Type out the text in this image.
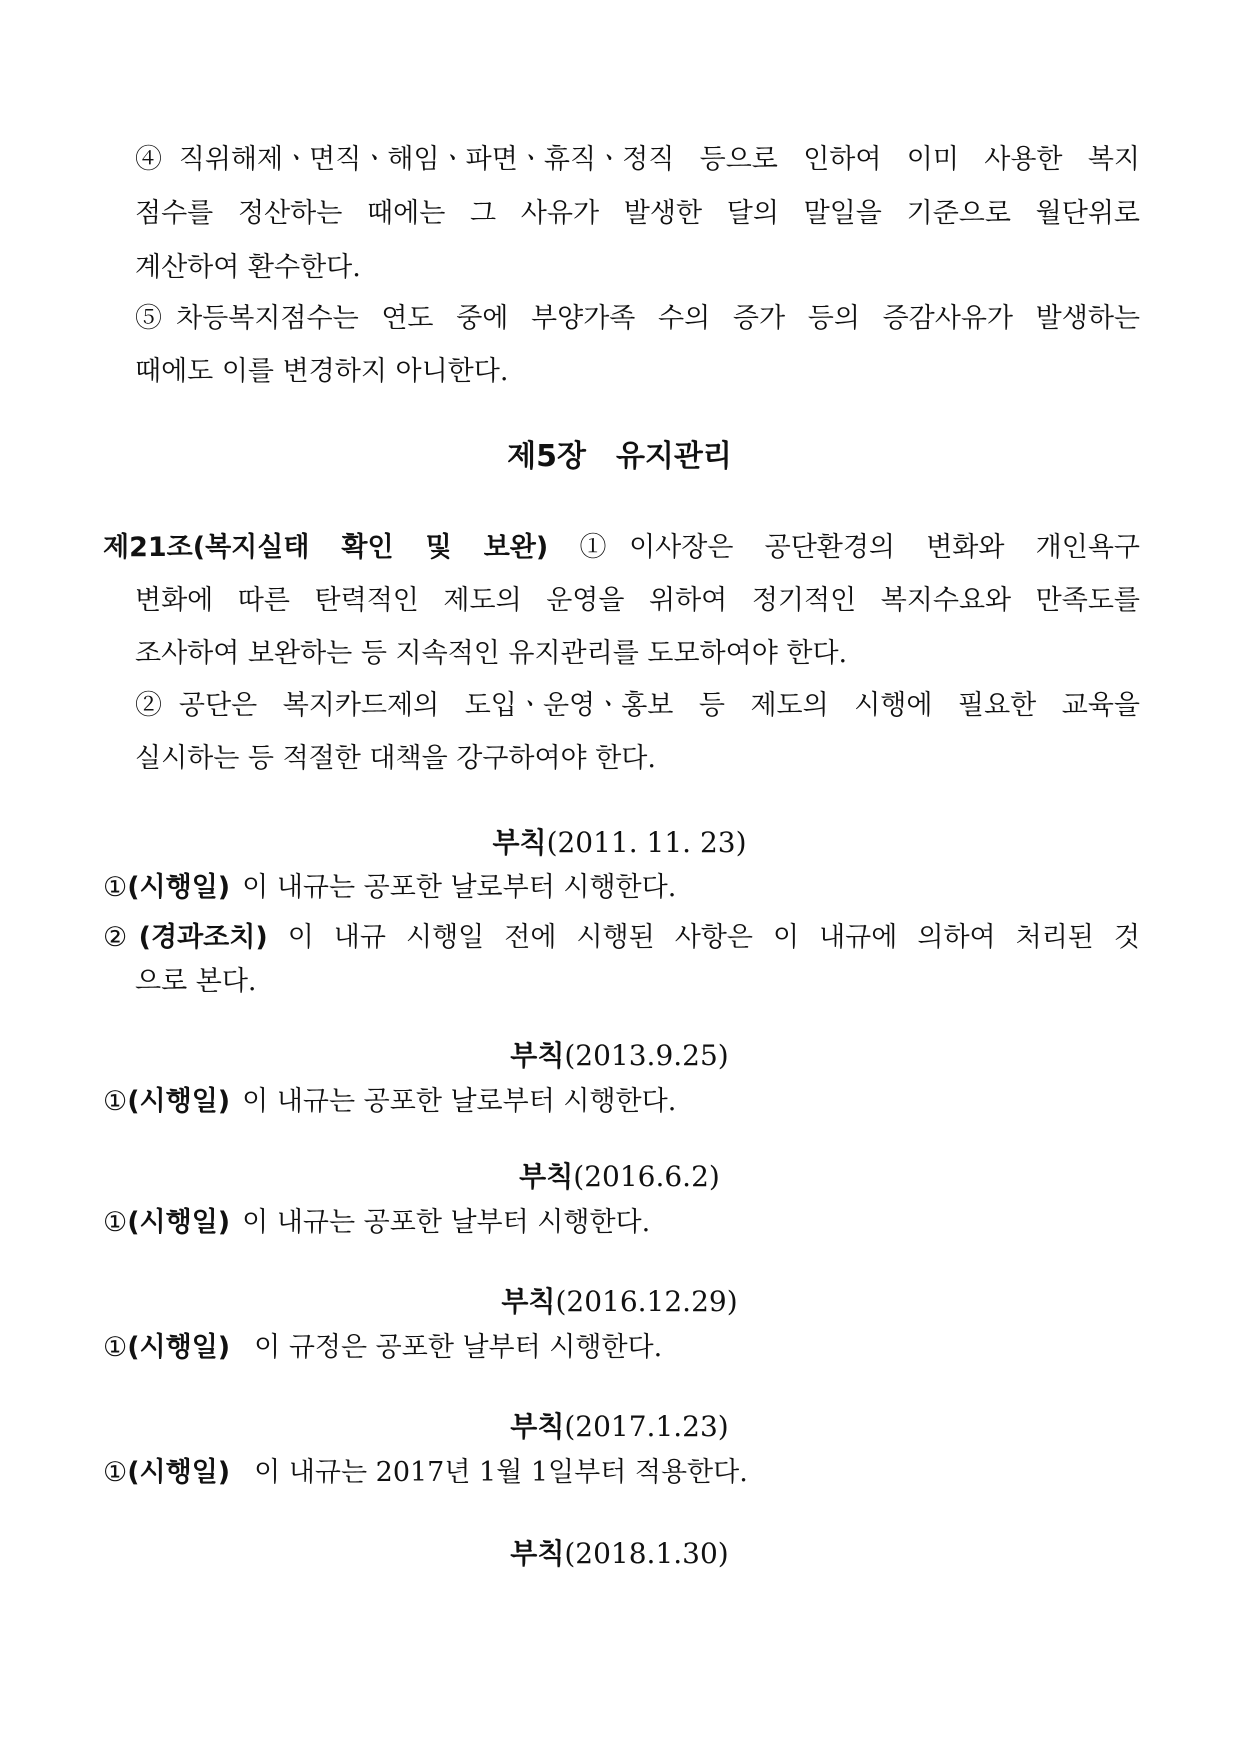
④직위해제ㆍ면직ㆍ해임ㆍ파면ㆍ휴직ㆍ정직 등으로 인하여 이미 사용한 복지
점수를 정산하는 때에는 그 사유가 발생한 달의 말일을 기준으로 월단위로
계산하여 환수한다.
⑤차등복지점수는 연도 중에 부양가족 수의 증가 등의 증감사유가 발생하는
때에도 이를 변경하지 아니한다.
제5장 유지관리
제21조(복지실태 확인 및 보완) ①이사장은 공단환경의 변화와 개인욕구
변화에 따른 탄력적인 제도의 운영을 위하여 정기적인 복지수요와 만족도를
조사하여 보완하는 등 지속적인 유지관리를 도모하여야 한다.
②공단은 복지카드제의 도입ㆍ운영ㆍ홍보 등 제도의 시행에 필요한 교육을
실시하는 등 적절한 대책을 강구하여야 한다.
부칙(2011. 11. 23)
①(시행일) 이 내규는 공포한 날로부터 시행한다.
②(경과조치) 이 내규 시행일 전에 시행된 사항은 이 내규에 의하여 처리된 것
으로 본다.
부칙(2013.9.25)
①(시행일) 이 내규는 공포한 날로부터 시행한다.
부칙(2016.6.2)
①(시행일) 이 내규는 공포한 날부터 시행한다.
부칙(2016.12.29)
①(시행일) 이 규정은 공포한 날부터 시행한다.
부칙(2017.1.23)
①(시행일) 이 내규는 2017년 1월 1일부터 적용한다.
부칙(2018.1.30)
